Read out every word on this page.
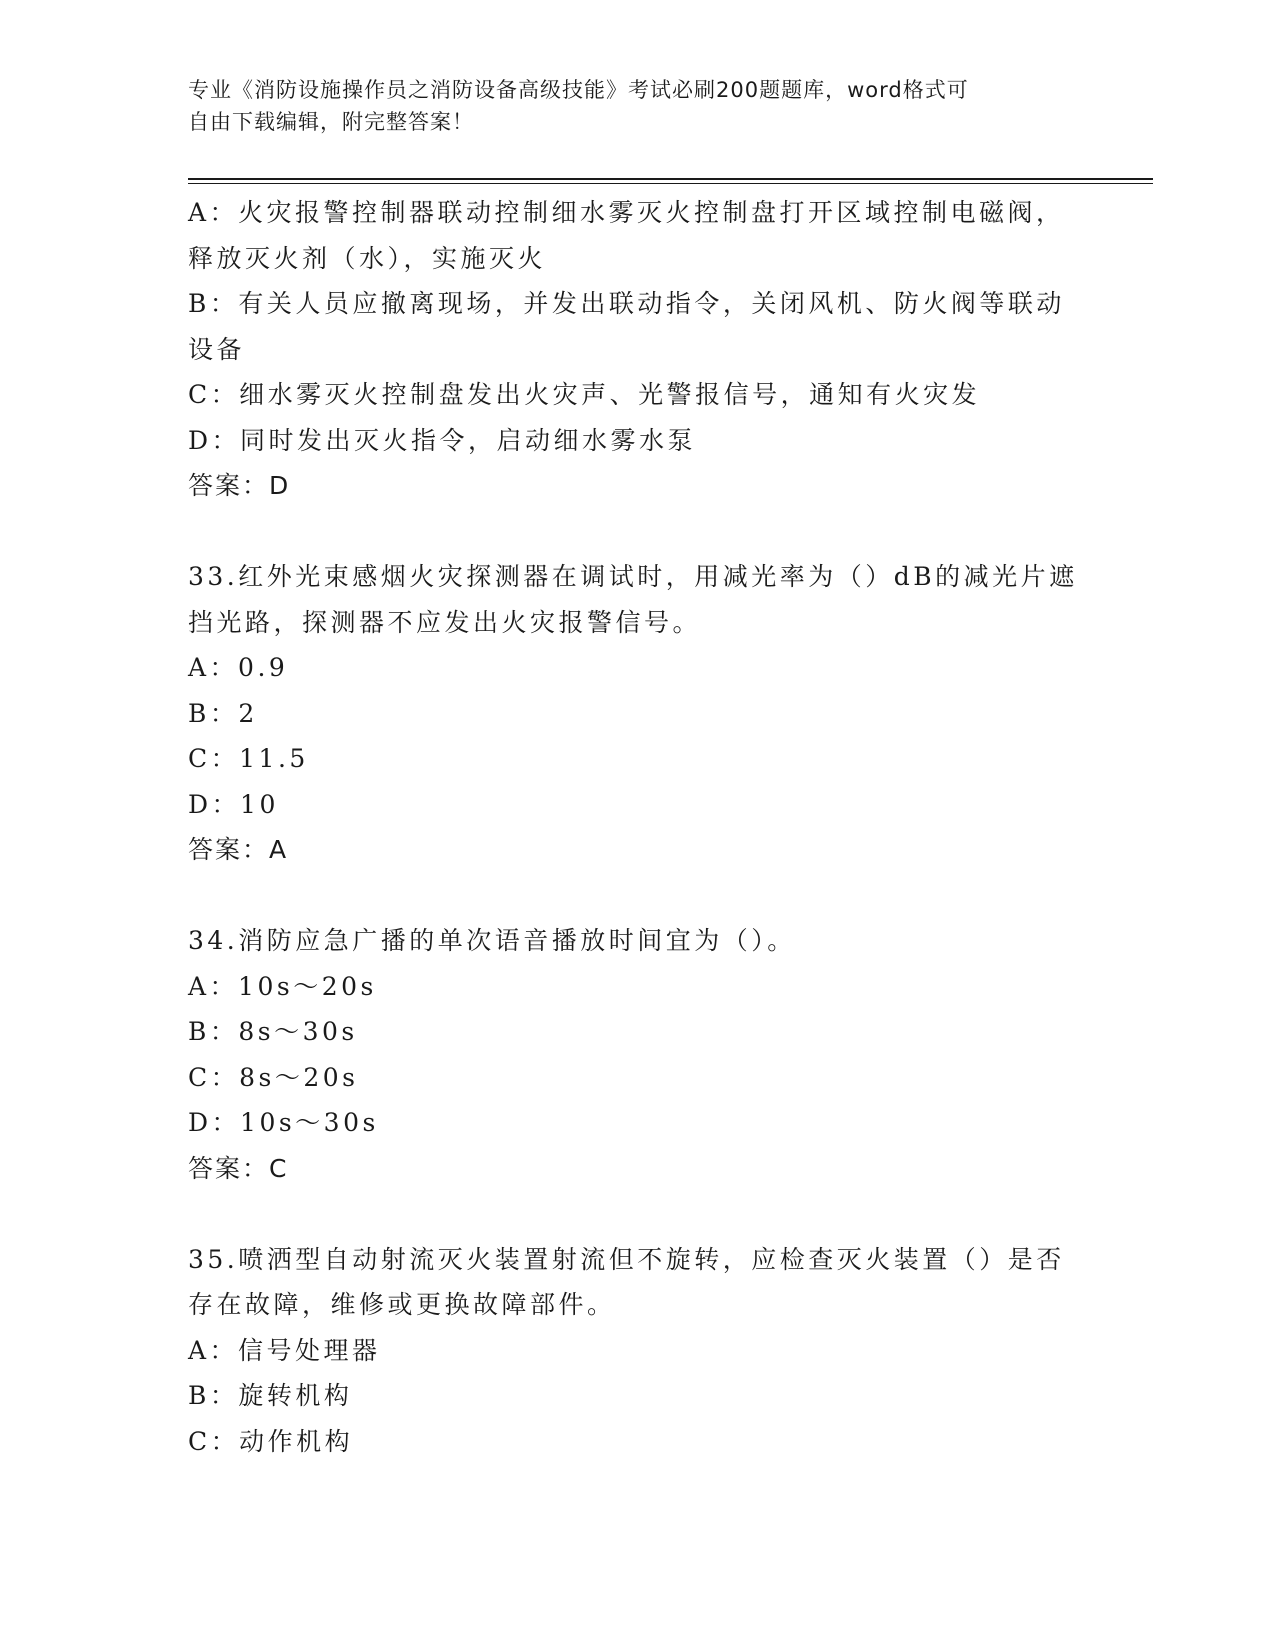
专业《消防设施操作员之消防设备高级技能》考试必刷200题题库，word格式可
自由下载编辑，附完整答案！
A：火灾报警控制器联动控制细水雾灭火控制盘打开区域控制电磁阀，
释放灭火剂（水），实施灭火
B：有关人员应撤离现场，并发出联动指令，关闭风机、防火阀等联动
设备
C：细水雾灭火控制盘发出火灾声、光警报信号，通知有火灾发
D：同时发出灭火指令，启动细水雾水泵
答案：D
33.红外光束感烟火灾探测器在调试时，用减光率为（）dB的减光片遮
挡光路，探测器不应发出火灾报警信号。
A：0.9
B：2
C：11.5
D：10
答案：A
34.消防应急广播的单次语音播放时间宜为（）。
A：10s～20s
B：8s～30s
C：8s～20s
D：10s～30s
答案：C
35.喷洒型自动射流灭火装置射流但不旋转，应检查灭火装置（）是否
存在故障，维修或更换故障部件。
A：信号处理器
B：旋转机构
C：动作机构
